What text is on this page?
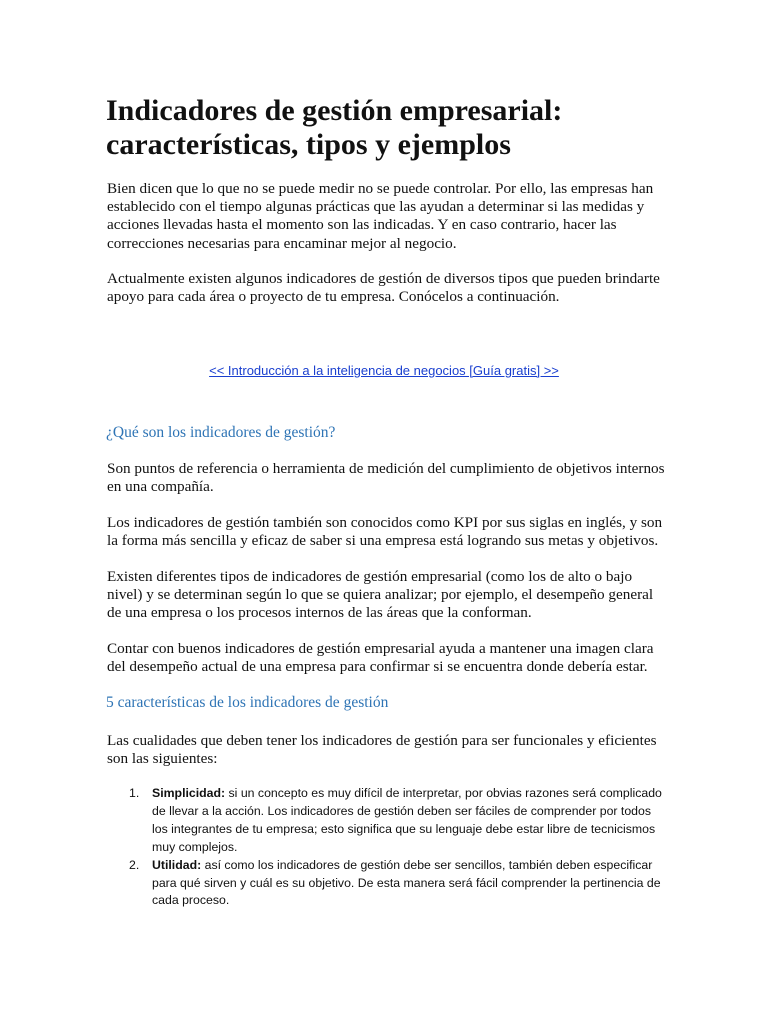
Indicadores de gestión empresarial: características, tipos y ejemplos

Bien dicen que lo que no se puede medir no se puede controlar. Por ello, las empresas han establecido con el tiempo algunas prácticas que las ayudan a determinar si las medidas y acciones llevadas hasta el momento son las indicadas. Y en caso contrario, hacer las correcciones necesarias para encaminar mejor al negocio.

Actualmente existen algunos indicadores de gestión de diversos tipos que pueden brindarte apoyo para cada área o proyecto de tu empresa. Conócelos a continuación.

<< Introducción a la inteligencia de negocios [Guía gratis] >>
¿Qué son los indicadores de gestión?

Son puntos de referencia o herramienta de medición del cumplimiento de objetivos internos en una compañía.

Los indicadores de gestión también son conocidos como KPI por sus siglas en inglés, y son la forma más sencilla y eficaz de saber si una empresa está logrando sus metas y objetivos.

Existen diferentes tipos de indicadores de gestión empresarial (como los de alto o bajo nivel) y se determinan según lo que se quiera analizar; por ejemplo, el desempeño general de una empresa o los procesos internos de las áreas que la conforman.

Contar con buenos indicadores de gestión empresarial ayuda a mantener una imagen clara del desempeño actual de una empresa para confirmar si se encuentra donde debería estar.

5 características de los indicadores de gestión

Las cualidades que deben tener los indicadores de gestión para ser funcionales y eficientes son las siguientes:

1. Simplicidad: si un concepto es muy difícil de interpretar, por obvias razones será complicado de llevar a la acción. Los indicadores de gestión deben ser fáciles de comprender por todos los integrantes de tu empresa; esto significa que su lenguaje debe estar libre de tecnicismos muy complejos.
2. Utilidad: así como los indicadores de gestión debe ser sencillos, también deben especificar para qué sirven y cuál es su objetivo. De esta manera será fácil comprender la pertinencia de cada proceso.
